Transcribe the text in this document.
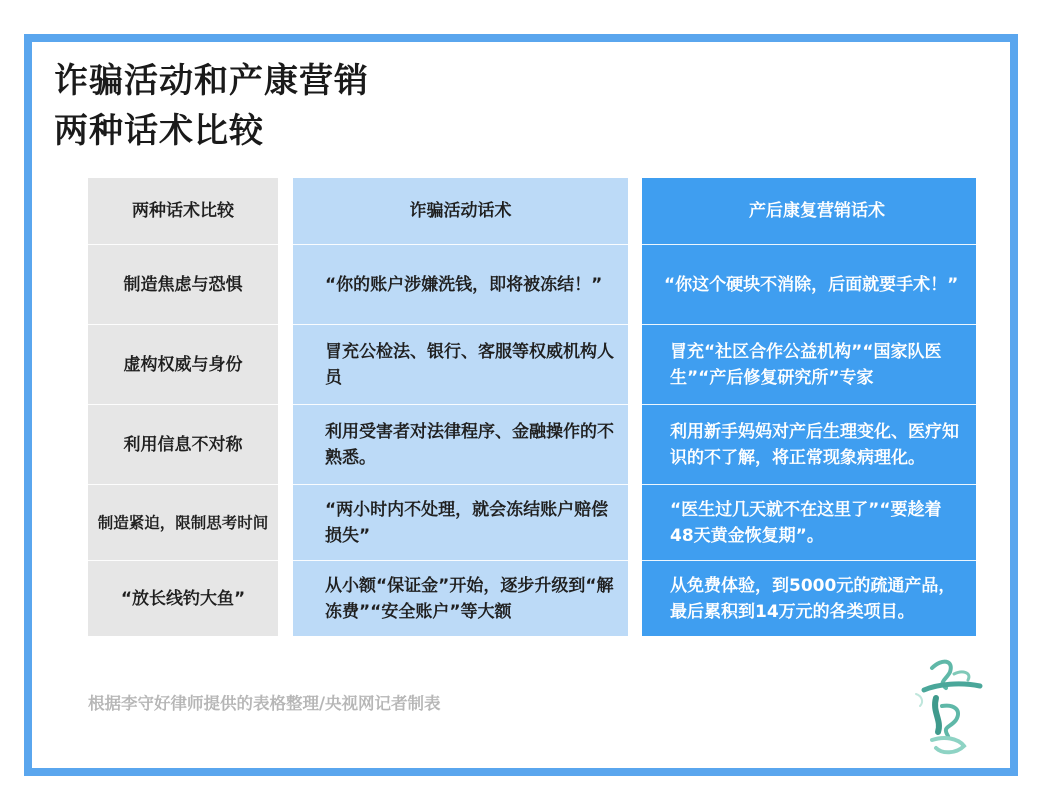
诈骗活动和产康营销
两种话术比较
两种话术比较
制造焦虑与恐惧
虚构权威与身份
利用信息不对称
制造紧迫，限制思考时间
“放长线钓大鱼”
诈骗活动话术
“你的账户涉嫌洗钱，即将被冻结！”
冒充公检法、银行、客服等权威机构人员
利用受害者对法律程序、金融操作的不熟悉。
“两小时内不处理，就会冻结账户赔偿损失”
从小额“保证金”开始，逐步升级到“解冻费”“安全账户”等大额
产后康复营销话术
“你这个硬块不消除，后面就要手术！”
冒充“社区合作公益机构”“国家队医生”“产后修复研究所”专家
利用新手妈妈对产后生理变化、医疗知识的不了解，将正常现象病理化。
“医生过几天就不在这里了”“要趁着48天黄金恢复期”。
从免费体验，到5000元的疏通产品，最后累积到14万元的各类项目。
根据李守好律师提供的表格整理/央视网记者制表
